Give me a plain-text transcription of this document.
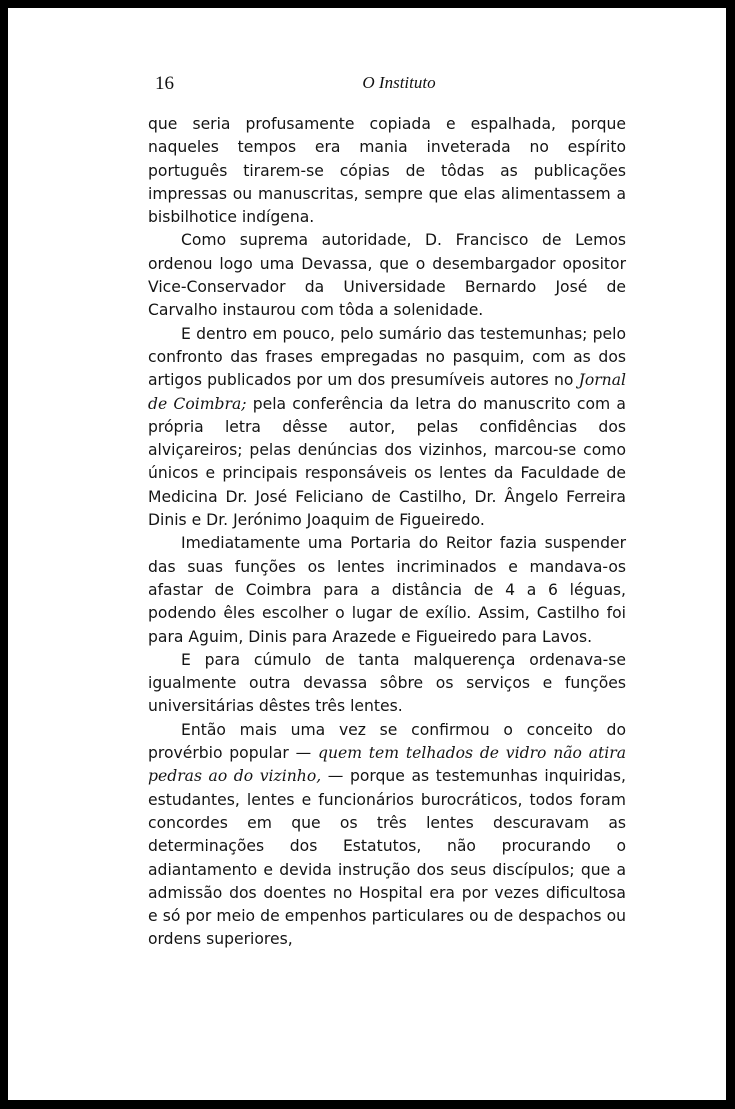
16	O Instituto

que seria profusamente copiada e espalhada, porque naqueles tempos era mania inveterada no espírito português tirarem-se cópias de tôdas as publicações impressas ou manuscritas, sempre que elas alimentassem a bisbilhotice indígena.

Como suprema autoridade, D. Francisco de Lemos ordenou logo uma Devassa, que o desembargador opositor Vice-Conservador da Universidade Bernardo José de Carvalho instaurou com tôda a solenidade.

E dentro em pouco, pelo sumário das testemunhas; pelo confronto das frases empregadas no pasquim, com as dos artigos publicados por um dos presumíveis autores no Jornal de Coimbra; pela conferência da letra do manuscrito com a própria letra dêsse autor, pelas confidências dos alviçareiros; pelas denúncias dos vizinhos, marcou-se como únicos e principais responsáveis os lentes da Faculdade de Medicina Dr. José Feliciano de Castilho, Dr. Ângelo Ferreira Dinis e Dr. Jerónimo Joaquim de Figueiredo.

Imediatamente uma Portaria do Reitor fazia suspender das suas funções os lentes incriminados e mandava-os afastar de Coimbra para a distância de 4 a 6 léguas, podendo êles escolher o lugar de exílio. Assim, Castilho foi para Aguim, Dinis para Arazede e Figueiredo para Lavos.

E para cúmulo de tanta malquerença ordenava-se igualmente outra devassa sôbre os serviços e funções universitárias dêstes três lentes.

Então mais uma vez se confirmou o conceito do provérbio popular — quem tem telhados de vidro não atira pedras ao do vizinho, — porque as testemunhas inquiridas, estudantes, lentes e funcionários burocráticos, todos foram concordes em que os três lentes descuravam as determinações dos Estatutos, não procurando o adiantamento e devida instrução dos seus discípulos; que a admissão dos doentes no Hospital era por vezes dificultosa e só por meio de empenhos particulares ou de despachos ou ordens superiores,
